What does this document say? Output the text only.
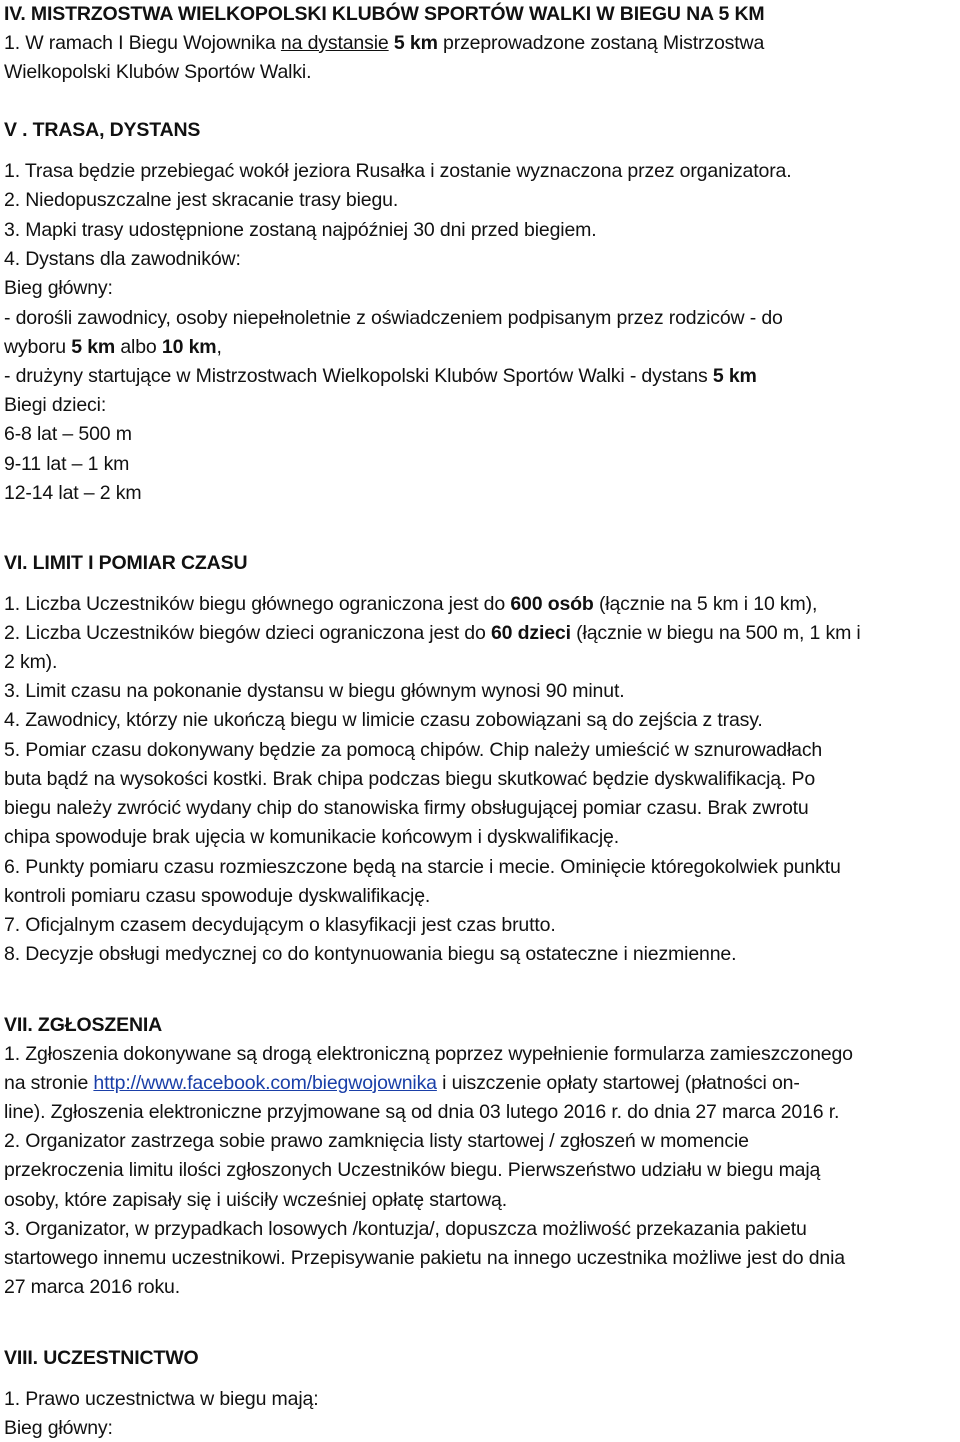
IV. MISTRZOSTWA WIELKOPOLSKI KLUBÓW SPORTÓW WALKI W BIEGU NA 5 KM
1. W ramach I Biegu Wojownika na dystansie 5 km przeprowadzone zostaną Mistrzostwa
Wielkopolski Klubów Sportów Walki.
V . TRASA, DYSTANS
1. Trasa będzie przebiegać wokół jeziora Rusałka i zostanie wyznaczona przez organizatora.
2. Niedopuszczalne jest skracanie trasy biegu.
3. Mapki trasy udostępnione zostaną najpóźniej 30 dni przed biegiem.
4. Dystans dla zawodników:
Bieg główny:
- dorośli zawodnicy, osoby niepełnoletnie z oświadczeniem podpisanym przez rodziców - do
wyboru 5 km albo 10 km,
- drużyny startujące w Mistrzostwach Wielkopolski Klubów Sportów Walki - dystans 5 km
Biegi dzieci:
6-8 lat – 500 m
9-11 lat – 1 km
12-14 lat – 2 km
VI. LIMIT I POMIAR CZASU
1. Liczba Uczestników biegu głównego ograniczona jest do 600 osób (łącznie na 5 km i 10 km),
2. Liczba Uczestników biegów dzieci ograniczona jest do 60 dzieci (łącznie w biegu na 500 m, 1 km i
2 km).
3. Limit czasu na pokonanie dystansu w biegu głównym wynosi 90 minut.
4. Zawodnicy, którzy nie ukończą biegu w limicie czasu zobowiązani są do zejścia z trasy.
5. Pomiar czasu dokonywany będzie za pomocą chipów. Chip należy umieścić w sznurowadłach
buta bądź na wysokości kostki. Brak chipa podczas biegu skutkować będzie dyskwalifikacją. Po
biegu należy zwrócić wydany chip do stanowiska firmy obsługującej pomiar czasu. Brak zwrotu
chipa spowoduje brak ujęcia w komunikacie końcowym i dyskwalifikację.
6. Punkty pomiaru czasu rozmieszczone będą na starcie i mecie. Ominięcie któregokolwiek punktu
kontroli pomiaru czasu spowoduje dyskwalifikację.
7. Oficjalnym czasem decydującym o klasyfikacji jest czas brutto.
8. Decyzje obsługi medycznej co do kontynuowania biegu są ostateczne i niezmienne.
VII. ZGŁOSZENIA
1. Zgłoszenia dokonywane są drogą elektroniczną poprzez wypełnienie formularza zamieszczonego
na stronie http://www.facebook.com/biegwojownika i uiszczenie opłaty startowej (płatności on-
line). Zgłoszenia elektroniczne przyjmowane są od dnia 03 lutego 2016 r. do dnia 27 marca 2016 r.
2. Organizator zastrzega sobie prawo zamknięcia listy startowej / zgłoszeń w momencie
przekroczenia limitu ilości zgłoszonych Uczestników biegu. Pierwszeństwo udziału w biegu mają
osoby, które zapisały się i uiściły wcześniej opłatę startową.
3. Organizator, w przypadkach losowych /kontuzja/, dopuszcza możliwość przekazania pakietu
startowego innemu uczestnikowi. Przepisywanie pakietu na innego uczestnika możliwe jest do dnia
27 marca 2016 roku.
VIII. UCZESTNICTWO
1. Prawo uczestnictwa w biegu mają:
Bieg główny:
